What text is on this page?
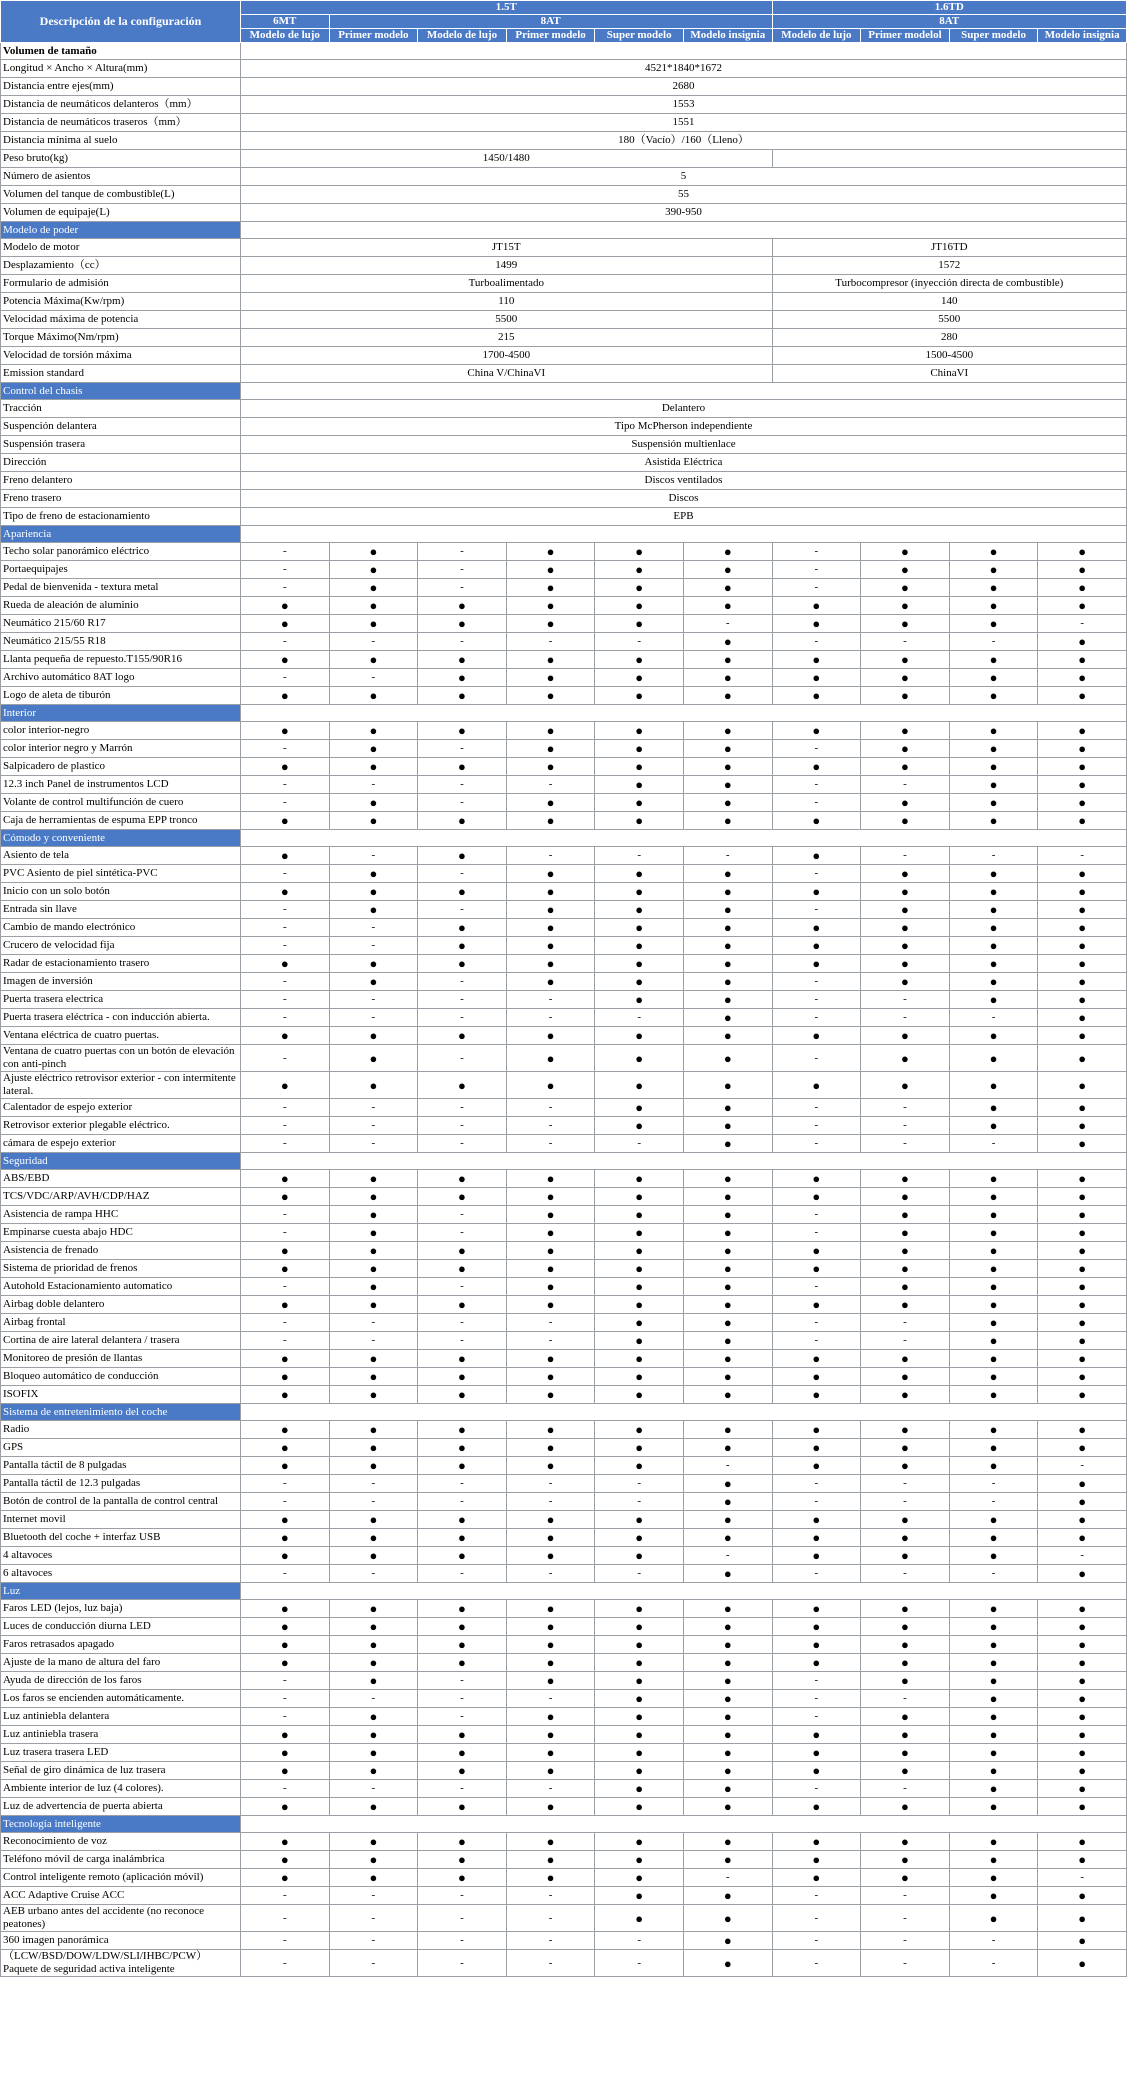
Descripción de la configuración	1.5T						1.6TD			
	6MT	8AT					8AT			
	Modelo de lujo	Primer modelo	Modelo de lujo	Primer modelo	Super modelo	Modelo insignia	Modelo de lujo	Primer modelol	Super modelo	Modelo insignia
Volumen de tamaño										
Longitud × Ancho × Altura(mm)	4521*1840*1672									
Distancia entre ejes(mm)	2680									
Distancia de neumáticos delanteros（mm）	1553									
Distancia de neumáticos traseros（mm）	1551									
Distancia mínima al suelo	180（Vacío）/160（Lleno）									
Peso bruto(kg)	1450/1480									
Número de asientos	5									
Volumen del tanque de combustible(L)	55									
Volumen de equipaje(L)	390-950									
Modelo de poder										
Modelo de motor	JT15T						JT16TD			
Desplazamiento（cc）	1499						1572			
Formulario de admisión	Turboalimentado						Turbocompresor (inyección directa de combustible)			
Potencia Máxima(Kw/rpm)	110						140			
Velocidad máxima de potencia	5500						5500			
Torque Máximo(Nm/rpm)	215						280			
Velocidad de torsión máxima	1700-4500						1500-4500			
Emission standard	China V/ChinaVI						ChinaVI			
Control del chasis										
Tracción	Delantero									
Suspención delantera	Tipo McPherson independiente									
Suspensión trasera	Suspensión multienlace									
Dirección	Asistida Eléctrica									
Freno delantero	Discos ventilados									
Freno trasero	Discos									
Tipo de freno de estacionamiento	EPB									
Apariencia										
Techo solar panorámico eléctrico	-	●	-	●	●	●	-	●	●	●
Portaequipajes	-	●	-	●	●	●	-	●	●	●
Pedal de bienvenida - textura metal	-	●	-	●	●	●	-	●	●	●
Rueda de aleación de aluminio	●	●	●	●	●	●	●	●	●	●
Neumático 215/60 R17	●	●	●	●	●	-	●	●	●	-
Neumático 215/55 R18	-	-	-	-	-	●	-	-	-	●
Llanta pequeña de repuesto.T155/90R16	●	●	●	●	●	●	●	●	●	●
Archivo automático 8AT logo	-	-	●	●	●	●	●	●	●	●
Logo de aleta de tiburón	●	●	●	●	●	●	●	●	●	●
Interior										
color interior-negro	●	●	●	●	●	●	●	●	●	●
color interior negro y Marrón	-	●	-	●	●	●	-	●	●	●
Salpicadero de plastico	●	●	●	●	●	●	●	●	●	●
12.3 inch Panel de instrumentos LCD	-	-	-	-	●	●	-	-	●	●
Volante de control multifunción de cuero	-	●	-	●	●	●	-	●	●	●
Caja de herramientas de espuma EPP tronco	●	●	●	●	●	●	●	●	●	●
Cómodo y conveniente										
Asiento de tela	●	-	●	-	-	-	●	-	-	-
PVC Asiento de piel sintética-PVC	-	●	-	●	●	●	-	●	●	●
Inicio con un solo botón	●	●	●	●	●	●	●	●	●	●
Entrada sin llave	-	●	-	●	●	●	-	●	●	●
Cambio de mando electrónico	-	-	●	●	●	●	●	●	●	●
Crucero de velocidad fija	-	-	●	●	●	●	●	●	●	●
Radar de estacionamiento trasero	●	●	●	●	●	●	●	●	●	●
Imagen de inversión	-	●	-	●	●	●	-	●	●	●
Puerta trasera electrica	-	-	-	-	●	●	-	-	●	●
Puerta trasera eléctrica - con inducción abierta.	-	-	-	-	-	●	-	-	-	●
Ventana eléctrica de cuatro puertas.	●	●	●	●	●	●	●	●	●	●
Ventana de cuatro puertas con un botón de elevación con anti-pinch	-	●	-	●	●	●	-	●	●	●
Ajuste eléctrico retrovisor exterior - con intermitente lateral.	●	●	●	●	●	●	●	●	●	●
Calentador de espejo exterior	-	-	-	-	●	●	-	-	●	●
Retrovisor exterior plegable eléctrico.	-	-	-	-	●	●	-	-	●	●
cámara de espejo exterior	-	-	-	-	-	●	-	-	-	●
Seguridad										
ABS/EBD	●	●	●	●	●	●	●	●	●	●
TCS/VDC/ARP/AVH/CDP/HAZ	●	●	●	●	●	●	●	●	●	●
Asistencia de rampa HHC	-	●	-	●	●	●	-	●	●	●
Empinarse cuesta abajo HDC	-	●	-	●	●	●	-	●	●	●
Asistencia de frenado	●	●	●	●	●	●	●	●	●	●
Sistema de prioridad de frenos	●	●	●	●	●	●	●	●	●	●
Autohold Estacionamiento automatico	-	●	-	●	●	●	-	●	●	●
Airbag doble delantero	●	●	●	●	●	●	●	●	●	●
Airbag frontal	-	-	-	-	●	●	-	-	●	●
Cortina de aire lateral delantera / trasera	-	-	-	-	●	●	-	-	●	●
Monitoreo de presión de llantas	●	●	●	●	●	●	●	●	●	●
Bloqueo automático de conducción	●	●	●	●	●	●	●	●	●	●
ISOFIX	●	●	●	●	●	●	●	●	●	●
Sistema de entretenimiento del coche										
Radio	●	●	●	●	●	●	●	●	●	●
GPS	●	●	●	●	●	●	●	●	●	●
Pantalla táctil de 8 pulgadas	●	●	●	●	●	-	●	●	●	-
Pantalla táctil de 12.3 pulgadas	-	-	-	-	-	●	-	-	-	●
Botón de control de la pantalla de control central	-	-	-	-	-	●	-	-	-	●
Internet movil	●	●	●	●	●	●	●	●	●	●
Bluetooth del coche + interfaz USB	●	●	●	●	●	●	●	●	●	●
4 altavoces	●	●	●	●	●	-	●	●	●	-
6 altavoces	-	-	-	-	-	●	-	-	-	●
Luz										
Faros LED (lejos, luz baja)	●	●	●	●	●	●	●	●	●	●
Luces de conducción diurna LED	●	●	●	●	●	●	●	●	●	●
Faros retrasados apagado	●	●	●	●	●	●	●	●	●	●
Ajuste de la mano de altura del faro	●	●	●	●	●	●	●	●	●	●
Ayuda de dirección de los faros	-	●	-	●	●	●	-	●	●	●
Los faros se encienden automáticamente.	-	-	-	-	●	●	-	-	●	●
Luz antiniebla delantera	-	●	-	●	●	●	-	●	●	●
Luz antiniebla trasera	●	●	●	●	●	●	●	●	●	●
Luz trasera trasera LED	●	●	●	●	●	●	●	●	●	●
Señal de giro dinámica de luz trasera	●	●	●	●	●	●	●	●	●	●
Ambiente interior de luz (4 colores).	-	-	-	-	●	●	-	-	●	●
Luz de advertencia de puerta abierta	●	●	●	●	●	●	●	●	●	●
Tecnología inteligente										
Reconocimiento de voz	●	●	●	●	●	●	●	●	●	●
Teléfono móvil de carga inalámbrica	●	●	●	●	●	●	●	●	●	●
Control inteligente remoto (aplicación móvil)	●	●	●	●	●	-	●	●	●	-
ACC Adaptive Cruise ACC	-	-	-	-	●	●	-	-	●	●
AEB urbano antes del accidente (no reconoce peatones)	-	-	-	-	●	●	-	-	●	●
360 imagen panorámica	-	-	-	-	-	●	-	-	-	●
（LCW/BSD/DOW/LDW/SLI/IHBC/PCW） Paquete de seguridad activa inteligente	-	-	-	-	-	●	-	-	-	●
